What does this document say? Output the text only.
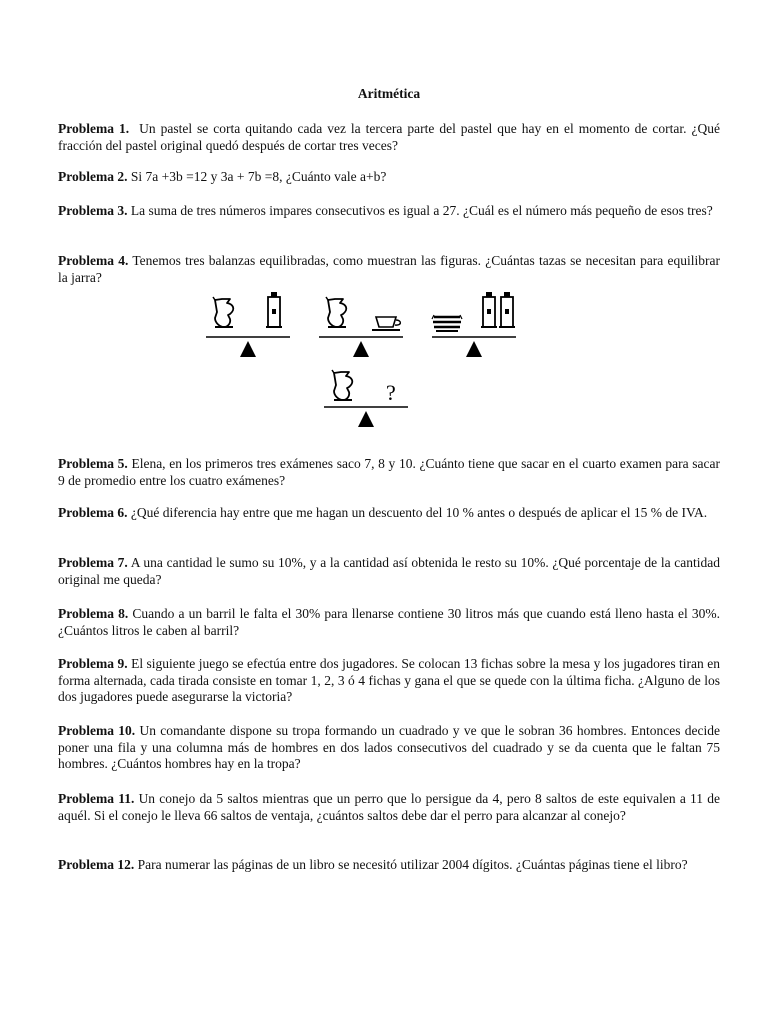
Aritmética

Problema 1. Un pastel se corta quitando cada vez la tercera parte del pastel que hay en el momento de cortar. ¿Qué fracción del pastel original quedó después de cortar tres veces?

Problema 2. Si 7a +3b =12 y 3a + 7b =8, ¿Cuánto vale a+b?

Problema 3. La suma de tres números impares consecutivos es igual a 27. ¿Cuál es el número más pequeño de esos tres?

Problema 4. Tenemos tres balanzas equilibradas, como muestran las figuras. ¿Cuántas tazas se necesitan para equilibrar la jarra?

?

Problema 5. Elena, en los primeros tres exámenes saco 7, 8 y 10. ¿Cuánto tiene que sacar en el cuarto examen para sacar 9 de promedio entre los cuatro exámenes?

Problema 6. ¿Qué diferencia hay entre que me hagan un descuento del 10 % antes o después de aplicar el 15 % de IVA.

Problema 7. A una cantidad le sumo su 10%, y a la cantidad así obtenida le resto su 10%. ¿Qué porcentaje de la cantidad original me queda?

Problema 8. Cuando a un barril le falta el 30% para llenarse contiene 30 litros más que cuando está lleno hasta el 30%. ¿Cuántos litros le caben al barril?

Problema 9. El siguiente juego se efectúa entre dos jugadores. Se colocan 13 fichas sobre la mesa y los jugadores tiran en forma alternada, cada tirada consiste en tomar 1, 2, 3 ó 4 fichas y gana el que se quede con la última ficha. ¿Alguno de los dos jugadores puede asegurarse la victoria?

Problema 10. Un comandante dispone su tropa formando un cuadrado y ve que le sobran 36 hombres. Entonces decide poner una fila y una columna más de hombres en dos lados consecutivos del cuadrado y se da cuenta que le faltan 75 hombres. ¿Cuántos hombres hay en la tropa?

Problema 11. Un conejo da 5 saltos mientras que un perro que lo persigue da 4, pero 8 saltos de este equivalen a 11 de aquél. Si el conejo le lleva 66 saltos de ventaja, ¿cuántos saltos debe dar el perro para alcanzar al conejo?

Problema 12. Para numerar las páginas de un libro se necesitó utilizar 2004 dígitos. ¿Cuántas páginas tiene el libro?
